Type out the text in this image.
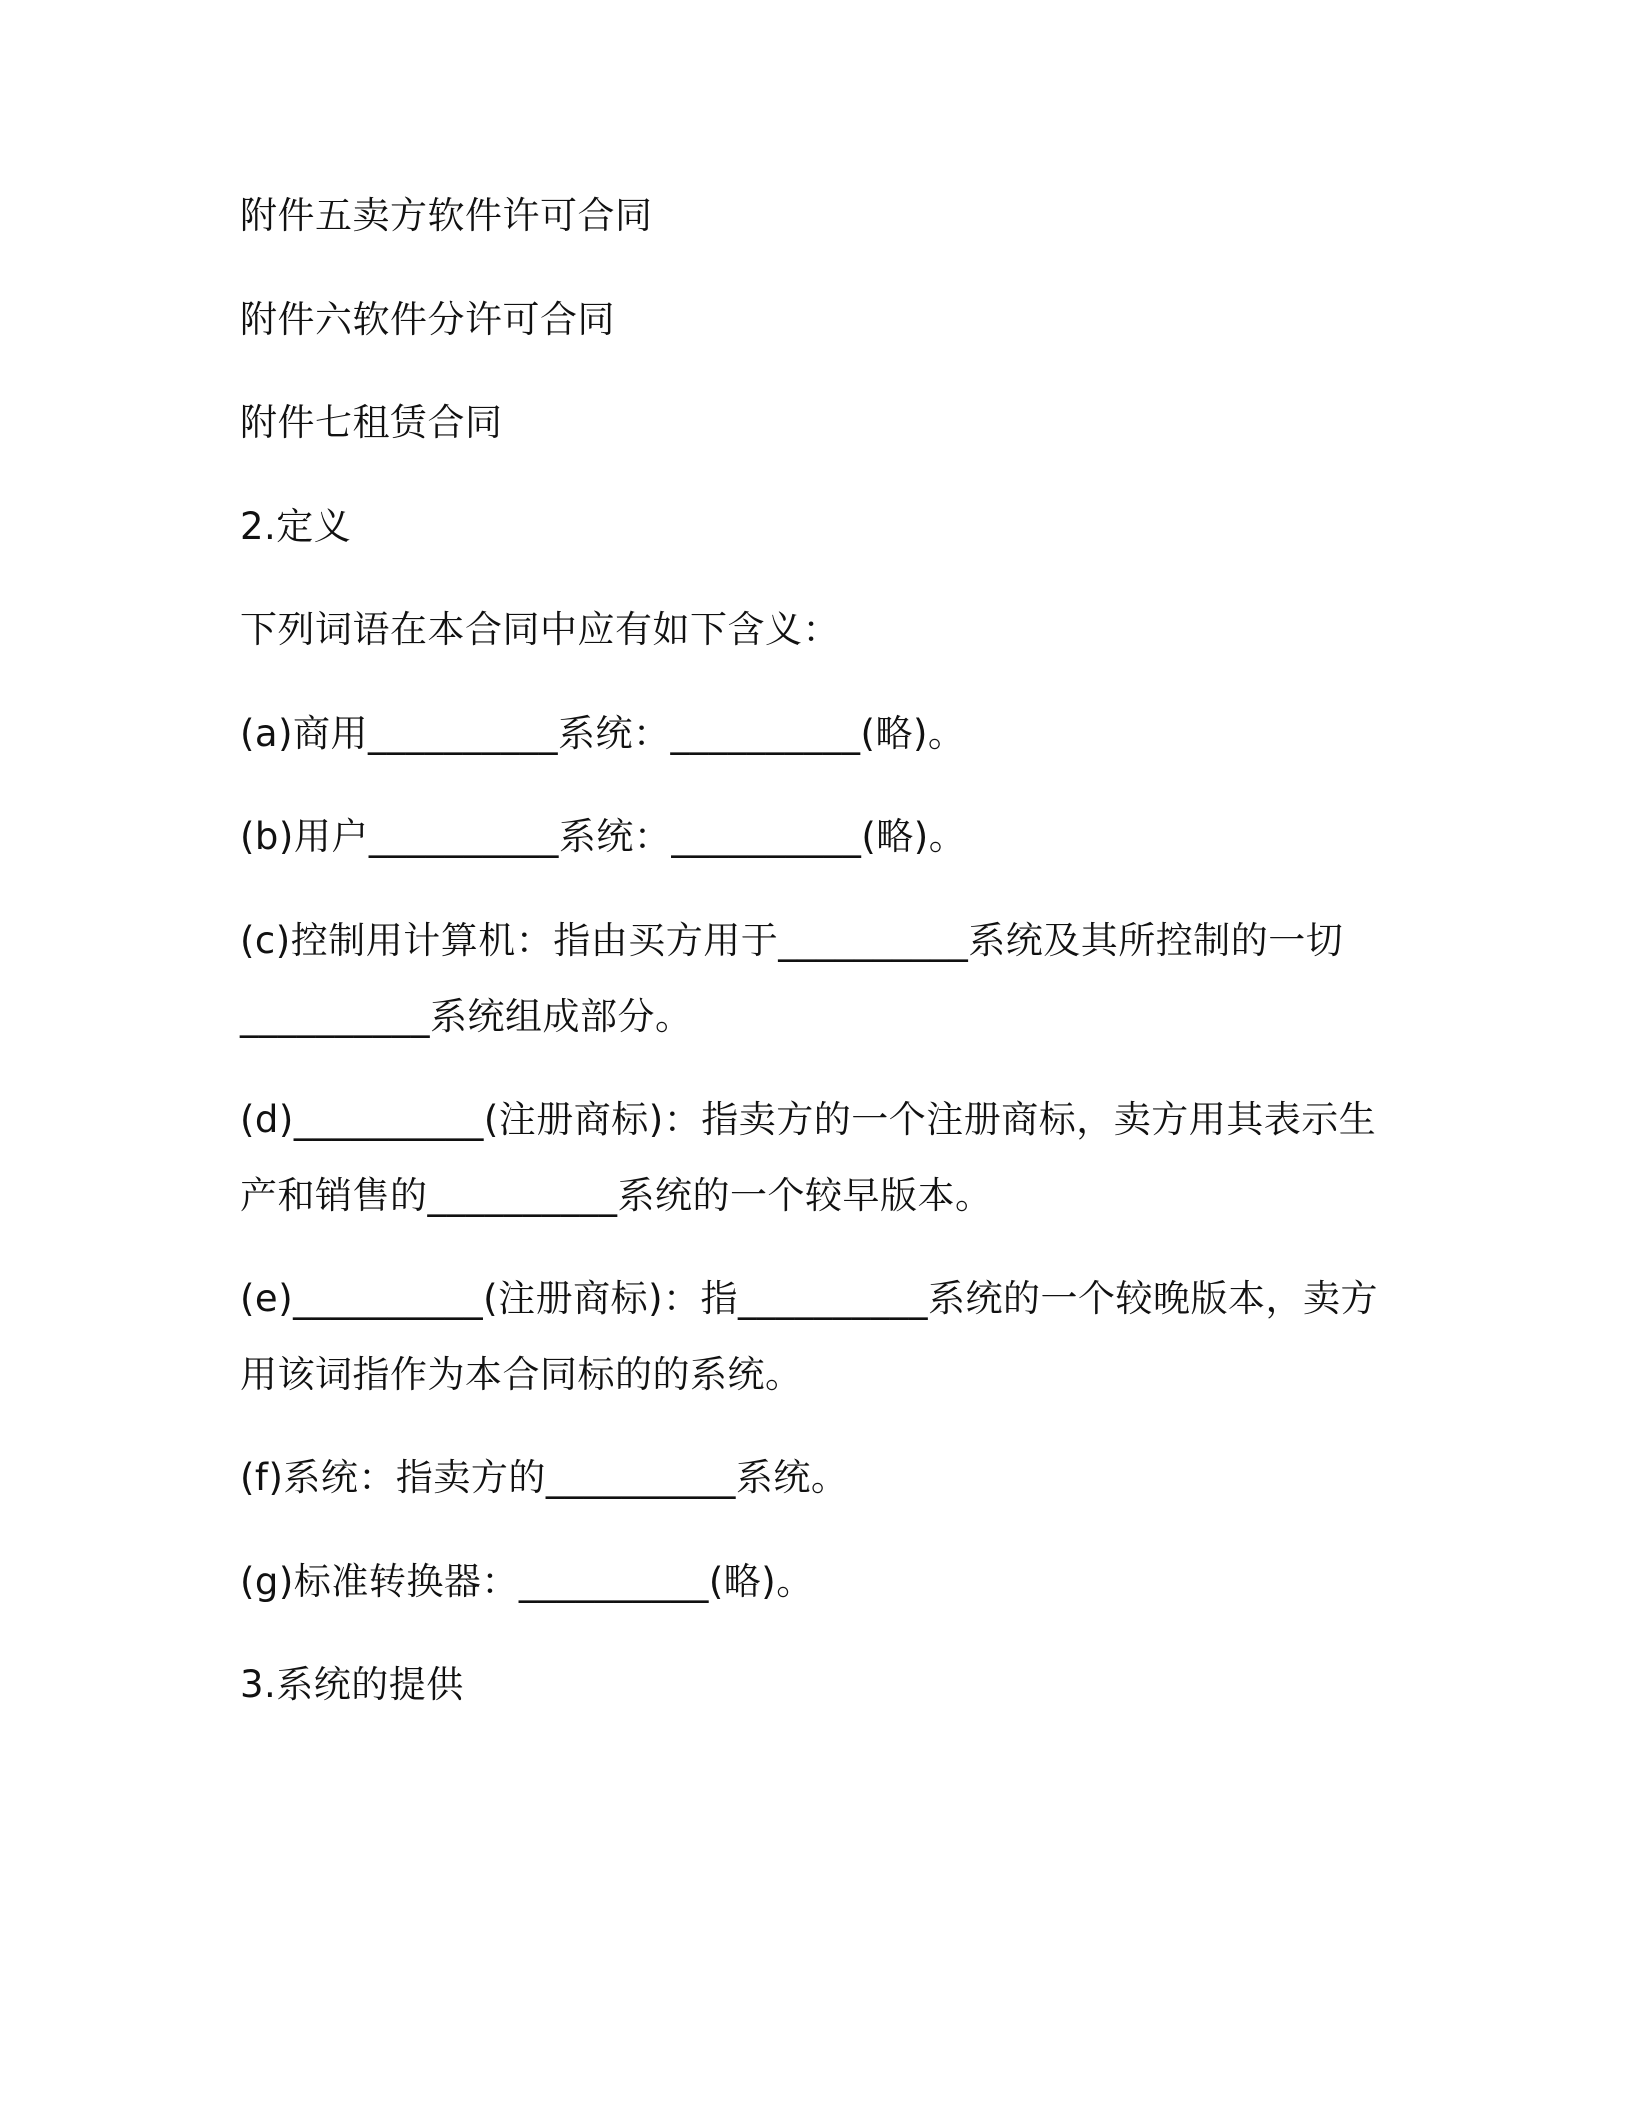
附件五卖方软件许可合同

附件六软件分许可合同

附件七租赁合同

2.定义

下列词语在本合同中应有如下含义：

(a)商用__________系统：__________(略)。

(b)用户__________系统：__________(略)。

(c)控制用计算机：指由买方用于__________系统及其所控制的一切
__________系统组成部分。

(d)__________(注册商标)：指卖方的一个注册商标，卖方用其表示生
产和销售的__________系统的一个较早版本。

(e)__________(注册商标)：指__________系统的一个较晚版本，卖方
用该词指作为本合同标的的系统。

(f)系统：指卖方的__________系统。

(g)标准转换器：__________(略)。

3.系统的提供
